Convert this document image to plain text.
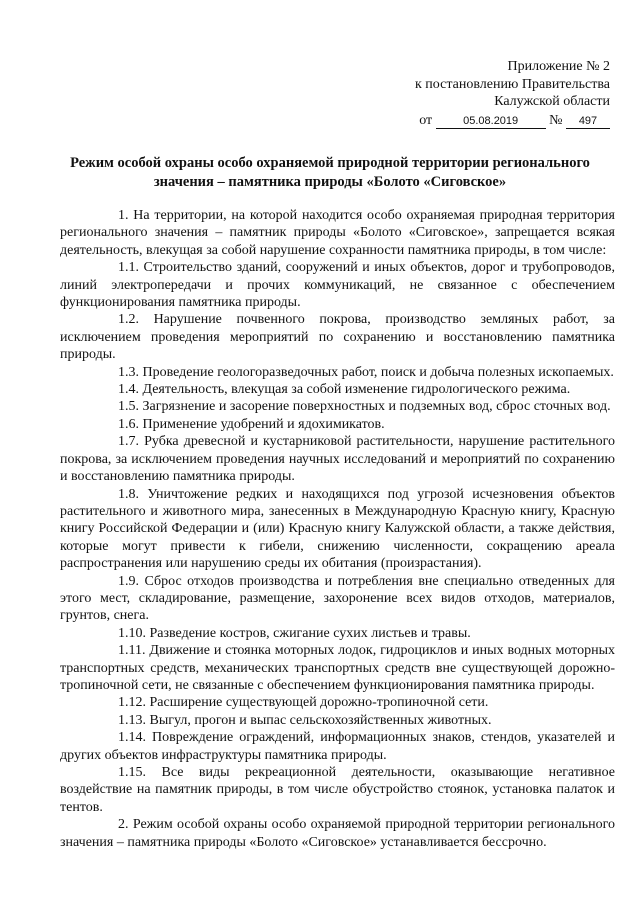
Приложение № 2
к постановлению Правительства
Калужской области
от	05.08.2019 № 497
Режим особой охраны особо охраняемой природной территории регионального
значения – памятника природы «Болото «Сиговское»

1. На территории, на которой находится особо охраняемая природная территория регионального значения – памятник природы «Болото «Сиговское», запрещается всякая деятельность, влекущая за собой нарушение сохранности памятника природы, в том числе:

1.1. Строительство зданий, сооружений и иных объектов, дорог и трубопроводов, линий электропередачи и прочих коммуникаций, не связанное с обеспечением функционирования памятника природы.

1.2. Нарушение почвенного покрова, производство земляных работ, за исключением проведения мероприятий по сохранению и восстановлению памятника природы.

1.3. Проведение геологоразведочных работ, поиск и добыча полезных ископаемых.

1.4. Деятельность, влекущая за собой изменение гидрологического режима.

1.5. Загрязнение и засорение поверхностных и подземных вод, сброс сточных вод.

1.6. Применение удобрений и ядохимикатов.

1.7. Рубка древесной и кустарниковой растительности, нарушение растительного покрова, за исключением проведения научных исследований и мероприятий по сохранению и восстановлению памятника природы.

1.8. Уничтожение редких и находящихся под угрозой исчезновения объектов растительного и животного мира, занесенных в Международную Красную книгу, Красную книгу Российской Федерации и (или) Красную книгу Калужской области, а также действия, которые могут привести к гибели, снижению численности, сокращению ареала распространения или нарушению среды их обитания (произрастания).

1.9. Сброс отходов производства и потребления вне специально отведенных для этого мест, складирование, размещение, захоронение всех видов отходов, материалов, грунтов, снега.

1.10. Разведение костров, сжигание сухих листьев и травы.

1.11. Движение и стоянка моторных лодок, гидроциклов и иных водных моторных транспортных средств, механических транспортных средств вне существующей дорожно-тропиночной сети, не связанные с обеспечением функционирования памятника природы.

1.12. Расширение существующей дорожно-тропиночной сети.

1.13. Выгул, прогон и выпас сельскохозяйственных животных.

1.14. Повреждение ограждений, информационных знаков, стендов, указателей и других объектов инфраструктуры памятника природы.

1.15. Все виды рекреационной деятельности, оказывающие негативное воздействие на памятник природы, в том числе обустройство стоянок, установка палаток и тентов.

2. Режим особой охраны особо охраняемой природной территории регионального значения – памятника природы «Болото «Сиговское» устанавливается бессрочно.
